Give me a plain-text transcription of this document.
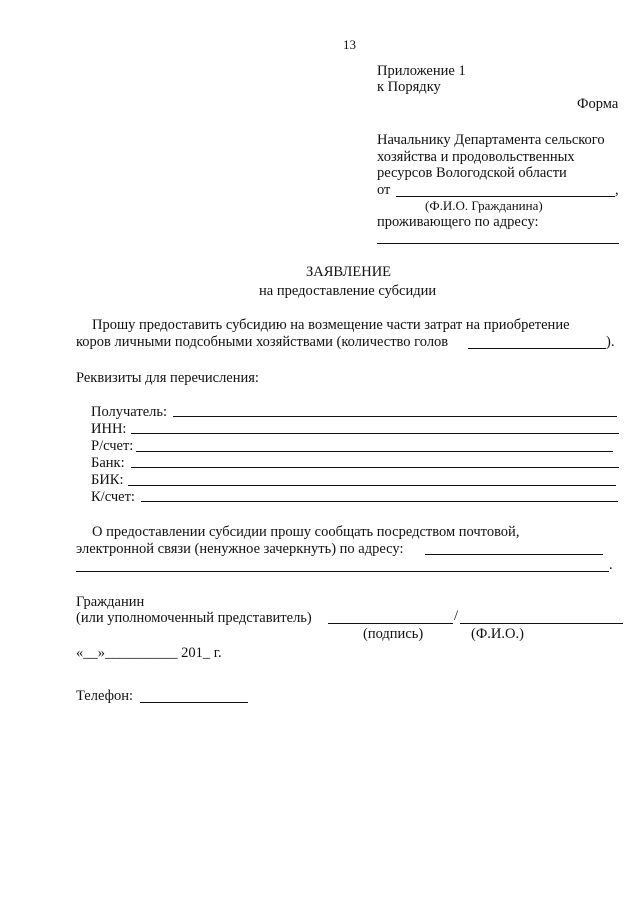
13
Приложение 1
к Порядку
Форма
Начальнику Департамента сельского
хозяйства и продовольственных
ресурсов Вологодской области
от	,
(Ф.И.О. Гражданина)
проживающего по адресу:
ЗАЯВЛЕНИЕ
на предоставление субсидии
Прошу предоставить субсидию на возмещение части затрат на приобретение
коров личными подсобными хозяйствами (количество голов	).
Реквизиты для перечисления:
Получатель:
ИНН:
Р/счет:
Банк:
БИК:
К/счет:
О предоставлении субсидии прошу сообщать посредством почтовой,
электронной связи (ненужное зачеркнуть) по адресу:
.
Гражданин
(или уполномоченный представитель)	/
(подпись)	(Ф.И.О.)
«__»__________ 201_ г.
Телефон:
